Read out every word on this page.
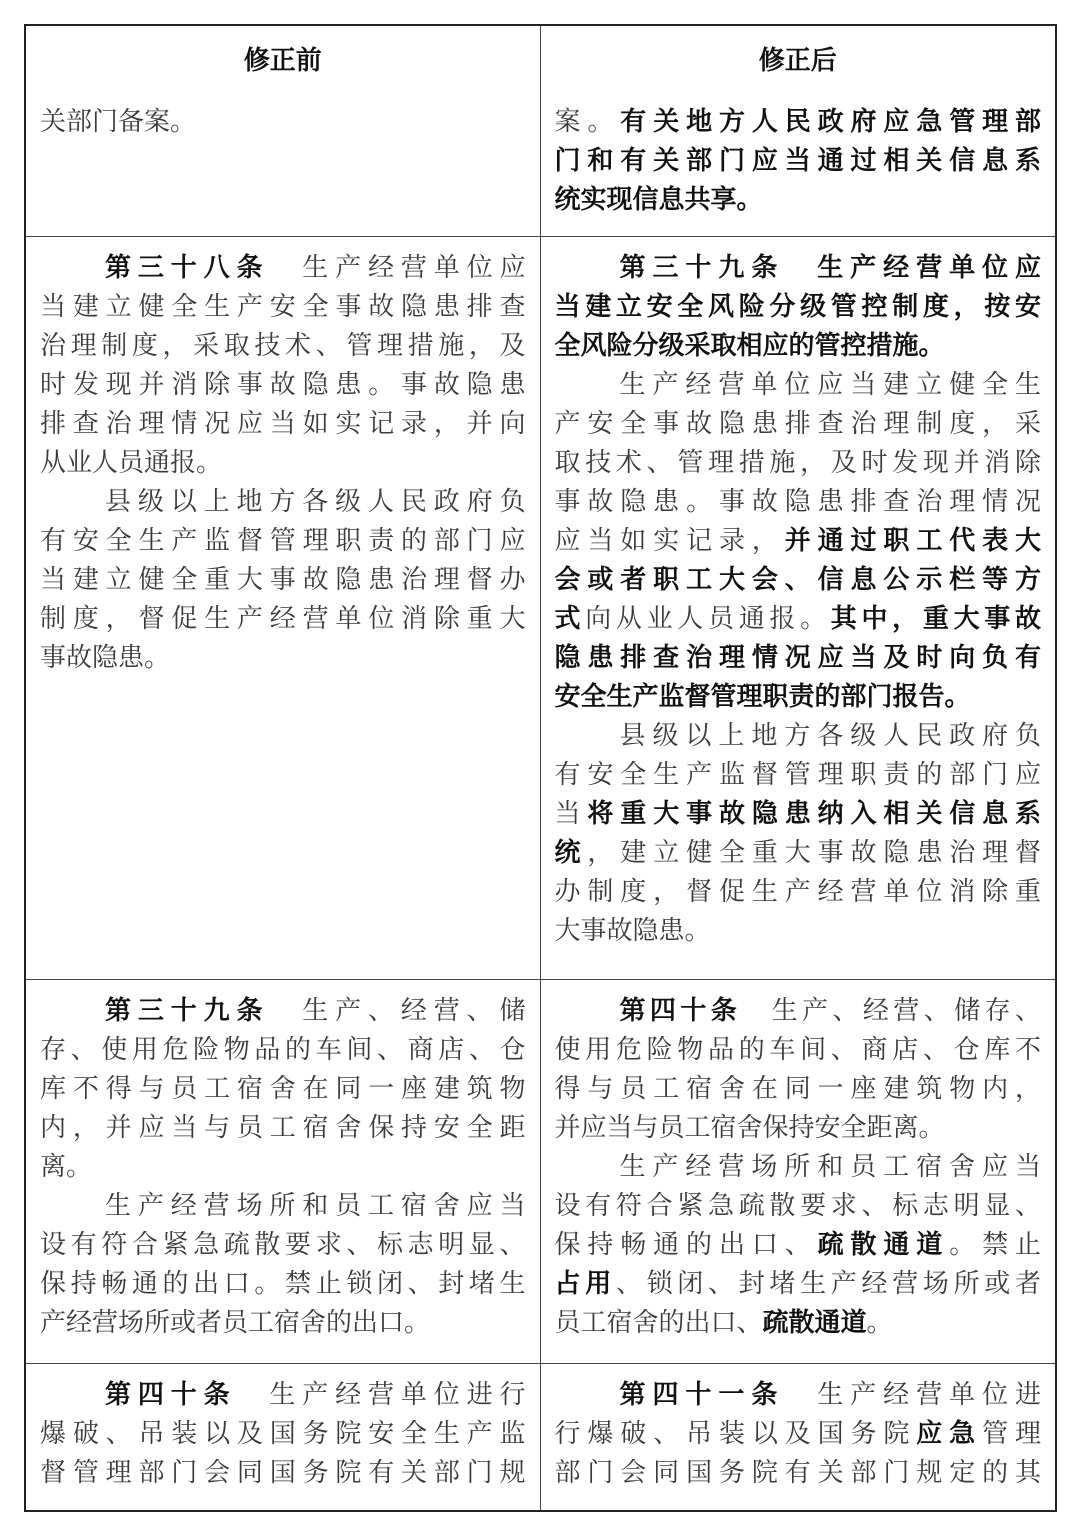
修正前	修正后
关部门备案。	案。有关地方人民政府应急管理部
门和有关部门应当通过相关信息系
统实现信息共享。
第三十八条　生产经营单位应
当建立健全生产安全事故隐患排查
治理制度，采取技术、管理措施，及
时发现并消除事故隐患。事故隐患
排查治理情况应当如实记录，并向
从业人员通报。
县级以上地方各级人民政府负
有安全生产监督管理职责的部门应
当建立健全重大事故隐患治理督办
制度，督促生产经营单位消除重大
事故隐患。
第三十九条　生产经营单位应
当建立安全风险分级管控制度，按安
全风险分级采取相应的管控措施。
生产经营单位应当建立健全生
产安全事故隐患排查治理制度，采
取技术、管理措施，及时发现并消除
事故隐患。事故隐患排查治理情况
应当如实记录，并通过职工代表大
会或者职工大会、信息公示栏等方
式向从业人员通报。其中，重大事故
隐患排查治理情况应当及时向负有
安全生产监督管理职责的部门报告。
县级以上地方各级人民政府负
有安全生产监督管理职责的部门应
当将重大事故隐患纳入相关信息系
统，建立健全重大事故隐患治理督
办制度，督促生产经营单位消除重
大事故隐患。
第三十九条　生产、经营、储
存、使用危险物品的车间、商店、仓
库不得与员工宿舍在同一座建筑物
内，并应当与员工宿舍保持安全距
离。
生产经营场所和员工宿舍应当
设有符合紧急疏散要求、标志明显、
保持畅通的出口。禁止锁闭、封堵生
产经营场所或者员工宿舍的出口。
第四十条　生产、经营、储存、
使用危险物品的车间、商店、仓库不
得与员工宿舍在同一座建筑物内，
并应当与员工宿舍保持安全距离。
生产经营场所和员工宿舍应当
设有符合紧急疏散要求、标志明显、
保持畅通的出口、疏散通道。禁止
占用、锁闭、封堵生产经营场所或者
员工宿舍的出口、疏散通道。
第四十条　生产经营单位进行
爆破、吊装以及国务院安全生产监
督管理部门会同国务院有关部门规
第四十一条　生产经营单位进
行爆破、吊装以及国务院应急管理
部门会同国务院有关部门规定的其
